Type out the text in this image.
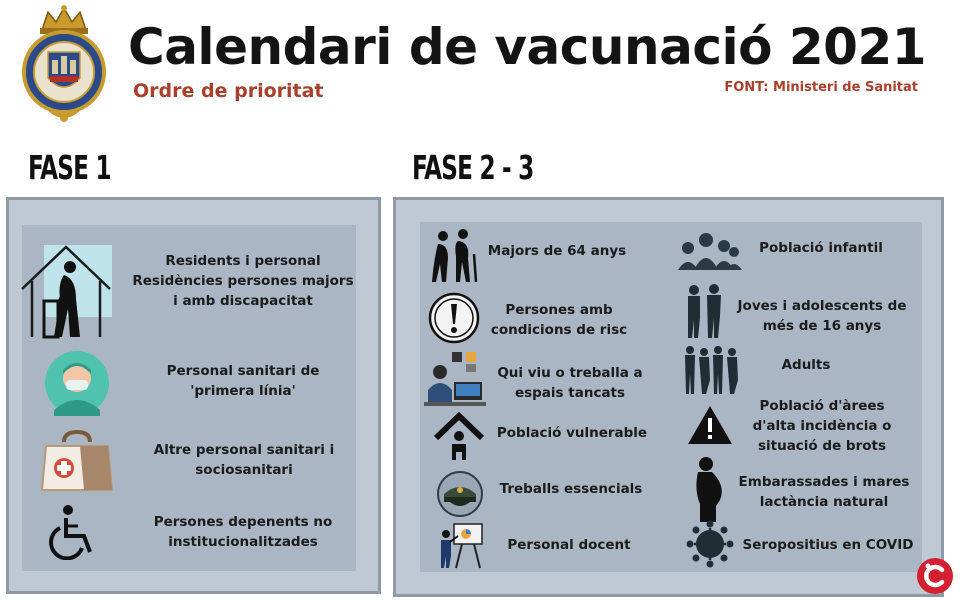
Calendari de vacunació 2021
Ordre de prioritat	FONT: Ministeri de Sanitat
FASE 1	FASE 2 - 3
Residents i personal
Residències persones majors
i amb discapacitat
Personal sanitari de
'primera línia'
Altre personal sanitari i
sociosanitari
Persones depenents no
institucionalitzades
Majors de 64 anys
Persones amb
condicions de risc
Qui viu o treballa a
espais tancats
Població vulnerable
Treballs essencials
Personal docent
Població infantil
Joves i adolescents de
més de 16 anys
Adults
Població d'àrees
d'alta incidència o
situació de brots
Embarassades i mares
lactància natural
Seropositius en COVID
